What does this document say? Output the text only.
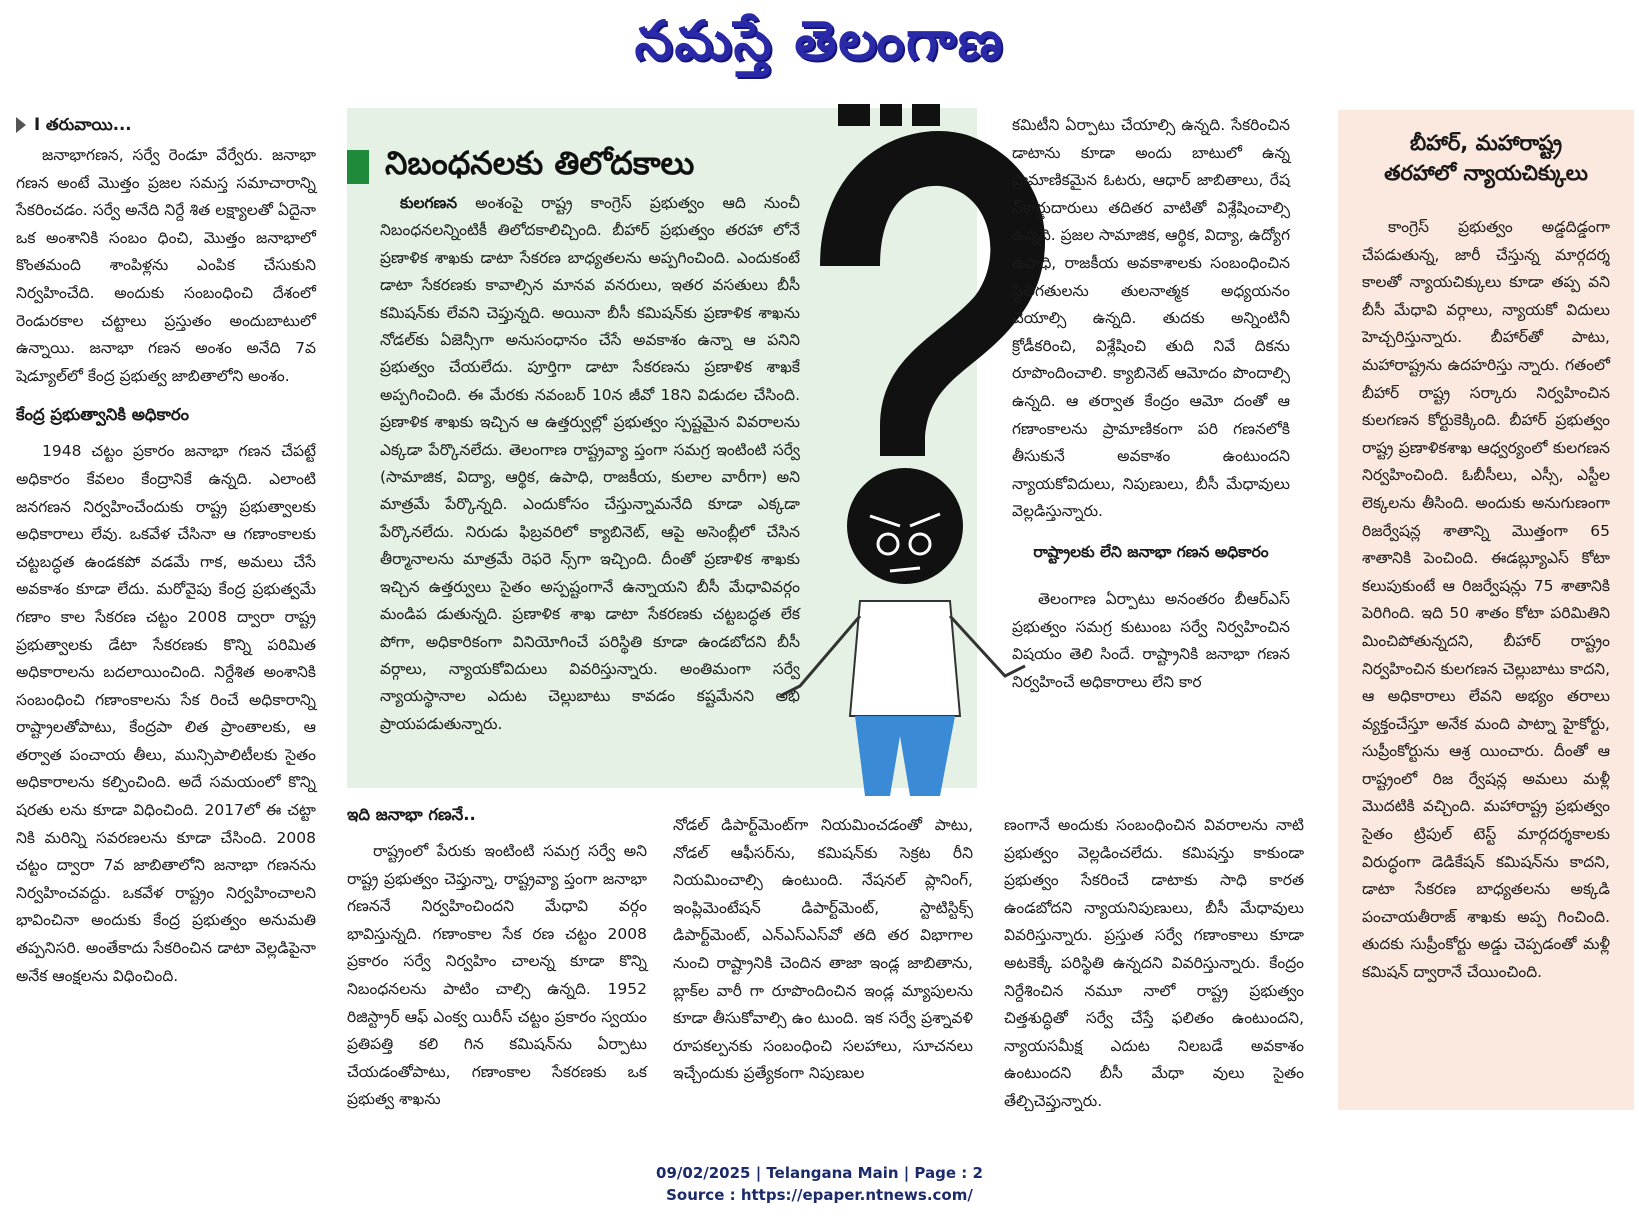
నమస్తే తెలంగాణ
I తరువాయి...

జనాభాగణన, సర్వే రెండూ వేర్వేరు. జనాభా గణన అంటే మొత్తం ప్రజల సమస్త సమాచారాన్ని సేకరించడం. సర్వే అనేది నిర్దే శిత లక్ష్యాలతో ఏదైనా ఒక అంశానికి సంబం ధించి, మొత్తం జనాభాలో కొంతమంది శాంపిళ్లను ఎంపిక చేసుకుని నిర్వహించేది. అందుకు సంబంధించి దేశంలో రెండురకాల చట్టాలు ప్రస్తుతం అందుబాటులో ఉన్నాయి. జనాభా గణన అంశం అనేది 7వ షెడ్యూల్‌లో కేంద్ర ప్రభుత్వ జాబితాలోని అంశం.

కేంద్ర ప్రభుత్వానికి అధికారం

1948 చట్టం ప్రకారం జనాభా గణన చేపట్టే అధికారం కేవలం కేంద్రానికే ఉన్నది. ఎలాంటి జనగణన నిర్వహించేందుకు రాష్ట్ర ప్రభుత్వాలకు అధికారాలు లేవు. ఒకవేళ చేసినా ఆ గణాంకాలకు చట్టబద్ధత ఉండకపో వడమే గాక, అమలు చేసే అవకాశం కూడా లేదు. మరోవైపు కేంద్ర ప్రభుత్వమే గణాం కాల సేకరణ చట్టం 2008 ద్వారా రాష్ట్ర ప్రభుత్వాలకు డేటా సేకరణకు కొన్ని పరిమిత అధికారాలను బదలాయించింది. నిర్దేశిత అంశానికి సంబంధించి గణాంకాలను సేక రించే అధికారాన్ని రాష్ట్రాలతోపాటు, కేంద్రపా లిత ప్రాంతాలకు, ఆ తర్వాత పంచాయ తీలు, మున్సిపాలిటీలకు సైతం అధికారాలను కల్పించింది. అదే సమయంలో కొన్ని షరతు లను కూడా విధించింది. 2017లో ఈ చట్టా నికి మరిన్ని సవరణలను కూడా చేసింది. 2008 చట్టం ద్వారా 7వ జాబితాలోని జనాభా గణనను నిర్వహించవద్దు. ఒకవేళ రాష్ట్రం నిర్వహించాలని భావించినా అందుకు కేంద్ర ప్రభుత్వం అనుమతి తప్పనిసరి. అంతేకాదు సేకరించిన డాటా వెల్లడిపైనా అనేక ఆంక్షలను విధించింది.

నిబంధనలకు తిలోదకాలు

కులగణన అంశంపై రాష్ట్ర కాంగ్రెస్ ప్రభుత్వం ఆది నుంచీ నిబంధనలన్నింటికీ తిలోదకాలిచ్చింది. బీహార్ ప్రభుత్వం తరహా లోనే ప్రణాళిక శాఖకు డాటా సేకరణ బాధ్యతలను అప్పగించింది. ఎందుకంటే డాటా సేకరణకు కావాల్సిన మానవ వనరులు, ఇతర వసతులు బీసీ కమిషన్‌కు లేవని చెప్తున్నది. అయినా బీసీ కమిషన్‌కు ప్రణాళిక శాఖను నోడల్‌కు ఏజెన్సీగా అనుసంధానం చేసే అవకాశం ఉన్నా ఆ పనిని ప్రభుత్వం చేయలేదు. పూర్తిగా డాటా సేకరణను ప్రణాళిక శాఖకే అప్పగించింది. ఈ మేరకు నవంబర్ 10న జీవో 18ని విడుదల చేసింది. ప్రణాళిక శాఖకు ఇచ్చిన ఆ ఉత్తర్వుల్లో ప్రభుత్వం స్పష్టమైన వివరాలను ఎక్కడా పేర్కొనలేదు. తెలంగాణ రాష్ట్రవ్యా ప్తంగా సమగ్ర ఇంటింటి సర్వే (సామాజిక, విద్యా, ఆర్థిక, ఉపాధి, రాజకీయ, కులాల వారీగా) అని మాత్రమే పేర్కొన్నది. ఎందుకోసం చేస్తున్నామనేది కూడా ఎక్కడా పేర్కొనలేదు. నిరుడు ఫిబ్రవరిలో క్యాబినెట్, ఆపై అసెంబ్లీలో చేసిన తీర్మానాలను మాత్రమే రెఫరె న్స్‌గా ఇచ్చింది. దీంతో ప్రణాళిక శాఖకు ఇచ్చిన ఉత్తర్వులు సైతం అస్పష్టంగానే ఉన్నాయని బీసీ మేధావివర్గం మండిప డుతున్నది. ప్రణాళిక శాఖ డాటా సేకరణకు చట్టబద్ధత లేక పోగా, అధికారికంగా వినియోగించే పరిస్థితి కూడా ఉండబోదని బీసీ వర్గాలు, న్యాయకోవిదులు వివరిస్తున్నారు. అంతిమంగా సర్వే న్యాయస్థానాల ఎదుట చెల్లుబాటు కావడం కష్టమేనని అభి ప్రాయపడుతున్నారు.

కమిటీని ఏర్పాటు చేయాల్సి ఉన్నది. సేకరించిన డాటాను కూడా అందు బాటులో ఉన్న ప్రామాణికమైన ఓటరు, ఆధార్ జాబితాలు, రేష న్‌కార్డుదారులు తదితర వాటితో విశ్లేషించాల్సి ఉన్నది. ప్రజల సామాజిక, ఆర్థిక, విద్యా, ఉద్యోగ ఉపాధి, రాజకీయ అవకాశాలకు సంబంధించిన స్థితిగతులను తులనాత్మక అధ్యయనం చేయాల్సి ఉన్నది. తుదకు అన్నింటినీ క్రోడీకరించి, విశ్లేషించి తుది నివే దికను రూపొందించాలి. క్యాబినెట్ ఆమోదం పొందాల్సి ఉన్నది. ఆ తర్వాత కేంద్రం ఆమో దంతో ఆ గణాంకాలను ప్రామాణికంగా పరి గణనలోకి తీసుకునే అవకాశం ఉంటుందని న్యాయకోవిదులు, నిపుణులు, బీసీ మేధావులు వెల్లడిస్తున్నారు.

రాష్ట్రాలకు లేని జనాభా గణన అధికారం

తెలంగాణ ఏర్పాటు అనంతరం బీఆర్‌ఎస్ ప్రభుత్వం సమగ్ర కుటుంబ సర్వే నిర్వహించిన విషయం తెలి సిందే. రాష్ట్రానికి జనాభా గణన నిర్వహించే అధికారాలు లేని కార

బీహార్, మహారాష్ట్ర
తరహాలో న్యాయచిక్కులు

కాంగ్రెస్ ప్రభుత్వం అడ్డదిడ్డంగా చేపడుతున్న, జారీ చేస్తున్న మార్గదర్శ కాలతో న్యాయచిక్కులు కూడా తప్ప వని బీసీ మేధావి వర్గాలు, న్యాయకో విదులు హెచ్చరిస్తున్నారు. బీహార్‌తో పాటు, మహారాష్ట్రను ఉదహరిస్తు న్నారు. గతంలో బీహార్ రాష్ట్ర సర్కారు నిర్వహించిన కులగణన కోర్టుకెక్కింది. బీహార్ ప్రభుత్వం రాష్ట్ర ప్రణాళికశాఖ ఆధ్వర్యంలో కులగణన నిర్వహించింది. ఓబీసీలు, ఎస్సీ, ఎస్టీల లెక్కలను తీసింది. అందుకు అనుగుణంగా రిజర్వేషన్ల శాతాన్ని మొత్తంగా 65 శాతానికి పెంచింది. ఈడబ్ల్యూఎస్ కోటా కలుపుకుంటే ఆ రిజర్వేషన్లు 75 శాతానికి పెరిగింది. ఇది 50 శాతం కోటా పరిమితిని మించిపోతున్నదని, బీహార్ రాష్ట్రం నిర్వహించిన కులగణన చెల్లుబాటు కాదని, ఆ అధికారాలు లేవని అభ్యం తరాలు వ్యక్తంచేస్తూ అనేక మంది పాట్నా హైకోర్టు, సుప్రీంకోర్టును ఆశ్ర యించారు. దీంతో ఆ రాష్ట్రంలో రిజ ర్వేషన్ల అమలు మళ్లీ మొదటికి వచ్చింది. మహారాష్ట్ర ప్రభుత్వం సైతం ట్రిపుల్ టెస్ట్ మార్గదర్శకాలకు విరుద్ధంగా డెడికేషన్ కమిషన్‌ను కాదని, డాటా సేకరణ బాధ్యతలను అక్కడి పంచాయతీరాజ్ శాఖకు అప్ప గించింది. తుదకు సుప్రీంకోర్టు అడ్డు చెప్పడంతో మళ్లీ కమిషన్ ద్వారానే చేయించింది.

ఇది జనాభా గణనే..

రాష్ట్రంలో పేరుకు ఇంటింటి సమగ్ర సర్వే అని రాష్ట్ర ప్రభుత్వం చెప్తున్నా, రాష్ట్రవ్యా ప్తంగా జనాభా గణననే నిర్వహించిందని మేధావి వర్గం భావిస్తున్నది. గణాంకాల సేక రణ చట్టం 2008 ప్రకారం సర్వే నిర్వహిం చాలన్న కూడా కొన్ని నిబంధనలను పాటిం చాల్సి ఉన్నది. 1952 రిజిస్ట్రార్ ఆఫ్ ఎంక్వ యిరీస్ చట్టం ప్రకారం స్వయం ప్రతిపత్తి కలి గిన కమిషన్‌ను ఏర్పాటు చేయడంతోపాటు, గణాంకాల సేకరణకు ఒక ప్రభుత్వ శాఖను

నోడల్ డిపార్ట్‌మెంట్‌గా నియమించడంతో పాటు, నోడల్ ఆఫీసర్‌ను, కమిషన్‌కు సెక్రట రీని నియమించాల్సి ఉంటుంది. నేషనల్ ప్లానింగ్, ఇంప్లిమెంటేషన్ డిపార్ట్‌మెంట్, స్టాటిస్టిక్స్ డిపార్ట్‌మెంట్, ఎన్‌ఎస్‌ఎస్‌వో తది తర విభాగాల నుంచి రాష్ట్రానికి చెందిన తాజా ఇండ్ల జాబితాను, బ్లాక్‌ల వారీ గా రూపొందించిన ఇండ్ల మ్యాపులను కూడా తీసుకోవాల్సి ఉం టుంది. ఇక సర్వే ప్రశ్నావళి రూపకల్పనకు సంబంధించి సలహాలు, సూచనలు ఇచ్చేందుకు ప్రత్యేకంగా నిపుణుల

ణంగానే అందుకు సంబంధించిన వివరాలను నాటి ప్రభుత్వం వెల్లడించలేదు. కమిషన్తు కాకుండా ప్రభుత్వం సేకరించే డాటాకు సాధి కారత ఉండబోదని న్యాయనిపుణులు, బీసీ మేధావులు వివరిస్తున్నారు. ప్రస్తుత సర్వే గణాంకాలు కూడా అటకెక్కే పరిస్థితి ఉన్నదని వివరిస్తున్నారు. కేంద్రం నిర్దేశించిన నమూ నాలో రాష్ట్ర ప్రభుత్వం చిత్తశుద్ధితో సర్వే చేస్తే ఫలితం ఉంటుందని, న్యాయసమీక్ష ఎదుట నిలబడే అవకాశం ఉంటుందని బీసీ మేధా వులు సైతం తేల్చిచెప్తున్నారు.

09/02/2025 | Telangana Main | Page : 2
Source : https://epaper.ntnews.com/
